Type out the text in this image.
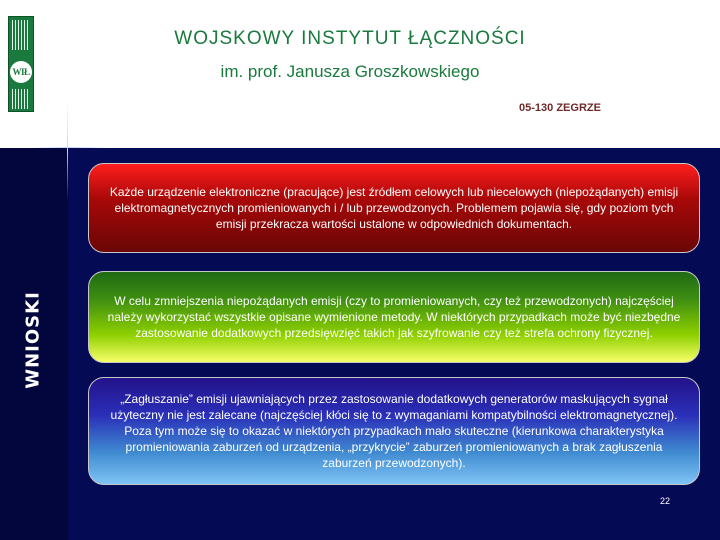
WIŁ
WOJSKOWY INSTYTUT ŁĄCZNOŚCI
im. prof. Janusza Groszkowskiego
05-130 ZEGRZE
WNIOSKI
Każde urządzenie elektroniczne (pracujące) jest źródłem celowych lub niecelowych (niepożądanych) emisji elektromagnetycznych promieniowanych i / lub przewodzonych. Problemem pojawia się, gdy poziom tych emisji przekracza wartości ustalone w odpowiednich dokumentach.
W celu zmniejszenia niepożądanych emisji (czy to promieniowanych, czy też przewodzonych) najczęściej należy wykorzystać wszystkie opisane wymienione metody. W niektórych przypadkach może być niezbędne zastosowanie dodatkowych przedsięwzięć takich jak szyfrowanie czy też strefa ochrony fizycznej.
„Zagłuszanie” emisji ujawniających przez zastosowanie dodatkowych generatorów maskujących sygnał użyteczny nie jest zalecane (najczęściej kłóci się to z wymaganiami kompatybilności elektromagnetycznej). Poza tym może się to okazać w niektórych przypadkach mało skuteczne (kierunkowa charakterystyka promieniowania zaburzeń od urządzenia, „przykrycie” zaburzeń promieniowanych a brak zagłuszenia zaburzeń przewodzonych).
22
